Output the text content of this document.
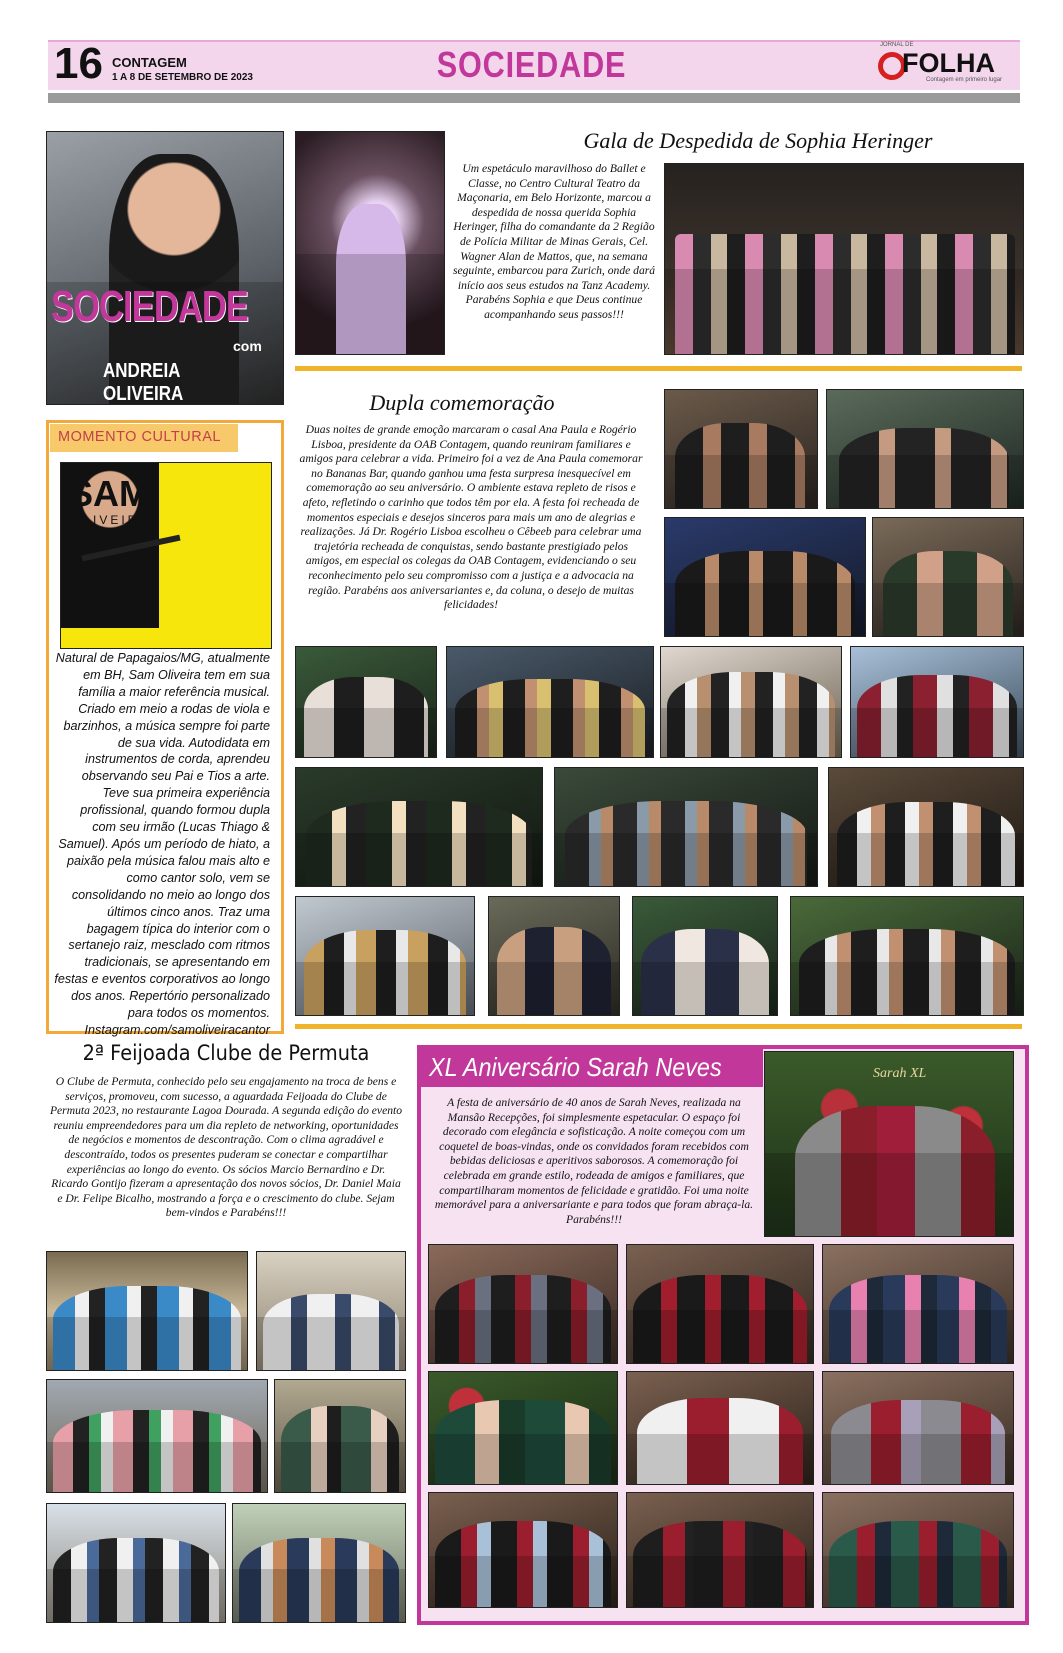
16 CONTAGEM
1 A 8 DE SETEMBRO DE 2023	SOCIEDADE	JORNAL DE
FOLHA
Contagem em primeiro lugar
SOCIEDADE
com
ANDREIA OLIVEIRA
Gala de Despedida de Sophia Heringer
Um espetáculo maravilhoso do Ballet e Classe, no Centro Cultural Teatro da Maçonaria, em Belo Horizonte, marcou a despedida de nossa querida Sophia Heringer, filha do comandante da 2 Região de Polícia Militar de Minas Gerais, Cel. Wagner Alan de Mattos, que, na semana seguinte, embarcou para Zurich, onde dará início aos seus estudos na Tanz Academy. Parabéns Sophia e que Deus continue acompanhando seus passos!!!
MOMENTO CULTURAL
SAM
OLIVEIRA
Natural de Papagaios/MG, atualmente em BH, Sam Oliveira tem em sua família a maior referência musical. Criado em meio a rodas de viola e barzinhos, a música sempre foi parte de sua vida. Autodidata em instrumentos de corda, aprendeu observando seu Pai e Tios a arte. Teve sua primeira experiência profissional, quando formou dupla com seu irmão (Lucas Thiago & Samuel). Após um período de hiato, a paixão pela música falou mais alto e como cantor solo, vem se consolidando no meio ao longo dos últimos cinco anos. Traz uma bagagem típica do interior com o sertanejo raiz, mesclado com ritmos tradicionais, se apresentando em festas e eventos corporativos ao longo dos anos. Repertório personalizado para todos os momentos. Instagram.com/samoliveiracantor
Dupla comemoração
Duas noites de grande emoção marcaram o casal Ana Paula e Rogério Lisboa, presidente da OAB Contagem, quando reuniram familiares e amigos para celebrar a vida. Primeiro foi a vez de Ana Paula comemorar no Bananas Bar, quando ganhou uma festa surpresa inesquecível em comemoração ao seu aniversário. O ambiente estava repleto de risos e afeto, refletindo o carinho que todos têm por ela. A festa foi recheada de momentos especiais e desejos sinceros para mais um ano de alegrias e realizações. Já Dr. Rogério Lisboa escolheu o Cêbeeb para celebrar uma trajetória recheada de conquistas, sendo bastante prestigiado pelos amigos, em especial os colegas da OAB Contagem, evidenciando o seu reconhecimento pelo seu compromisso com a justiça e a advocacia na região. Parabéns aos aniversariantes e, da coluna, o desejo de muitas felicidades!
2ª Feijoada Clube de Permuta
O Clube de Permuta, conhecido pelo seu engajamento na troca de bens e serviços, promoveu, com sucesso, a aguardada Feijoada do Clube de Permuta 2023, no restaurante Lagoa Dourada. A segunda edição do evento reuniu empreendedores para um dia repleto de networking, oportunidades de negócios e momentos de descontração. Com o clima agradável e descontraído, todos os presentes puderam se conectar e compartilhar experiências ao longo do evento. Os sócios Marcio Bernardino e Dr. Ricardo Gontijo fizeram a apresentação dos novos sócios, Dr. Daniel Maia e Dr. Felipe Bicalho, mostrando a força e o crescimento do clube. Sejam bem-vindos e Parabéns!!!
XL Aniversário Sarah Neves
A festa de aniversário de 40 anos de Sarah Neves, realizada na Mansão Recepções, foi simplesmente espetacular. O espaço foi decorado com elegância e sofisticação. A noite começou com um coquetel de boas-vindas, onde os convidados foram recebidos com bebidas deliciosas e aperitivos saborosos. A comemoração foi celebrada em grande estilo, rodeada de amigos e familiares, que compartilharam momentos de felicidade e gratidão. Foi uma noite memorável para a aniversariante e para todos que foram abraça-la. Parabéns!!!
Sarah XL
